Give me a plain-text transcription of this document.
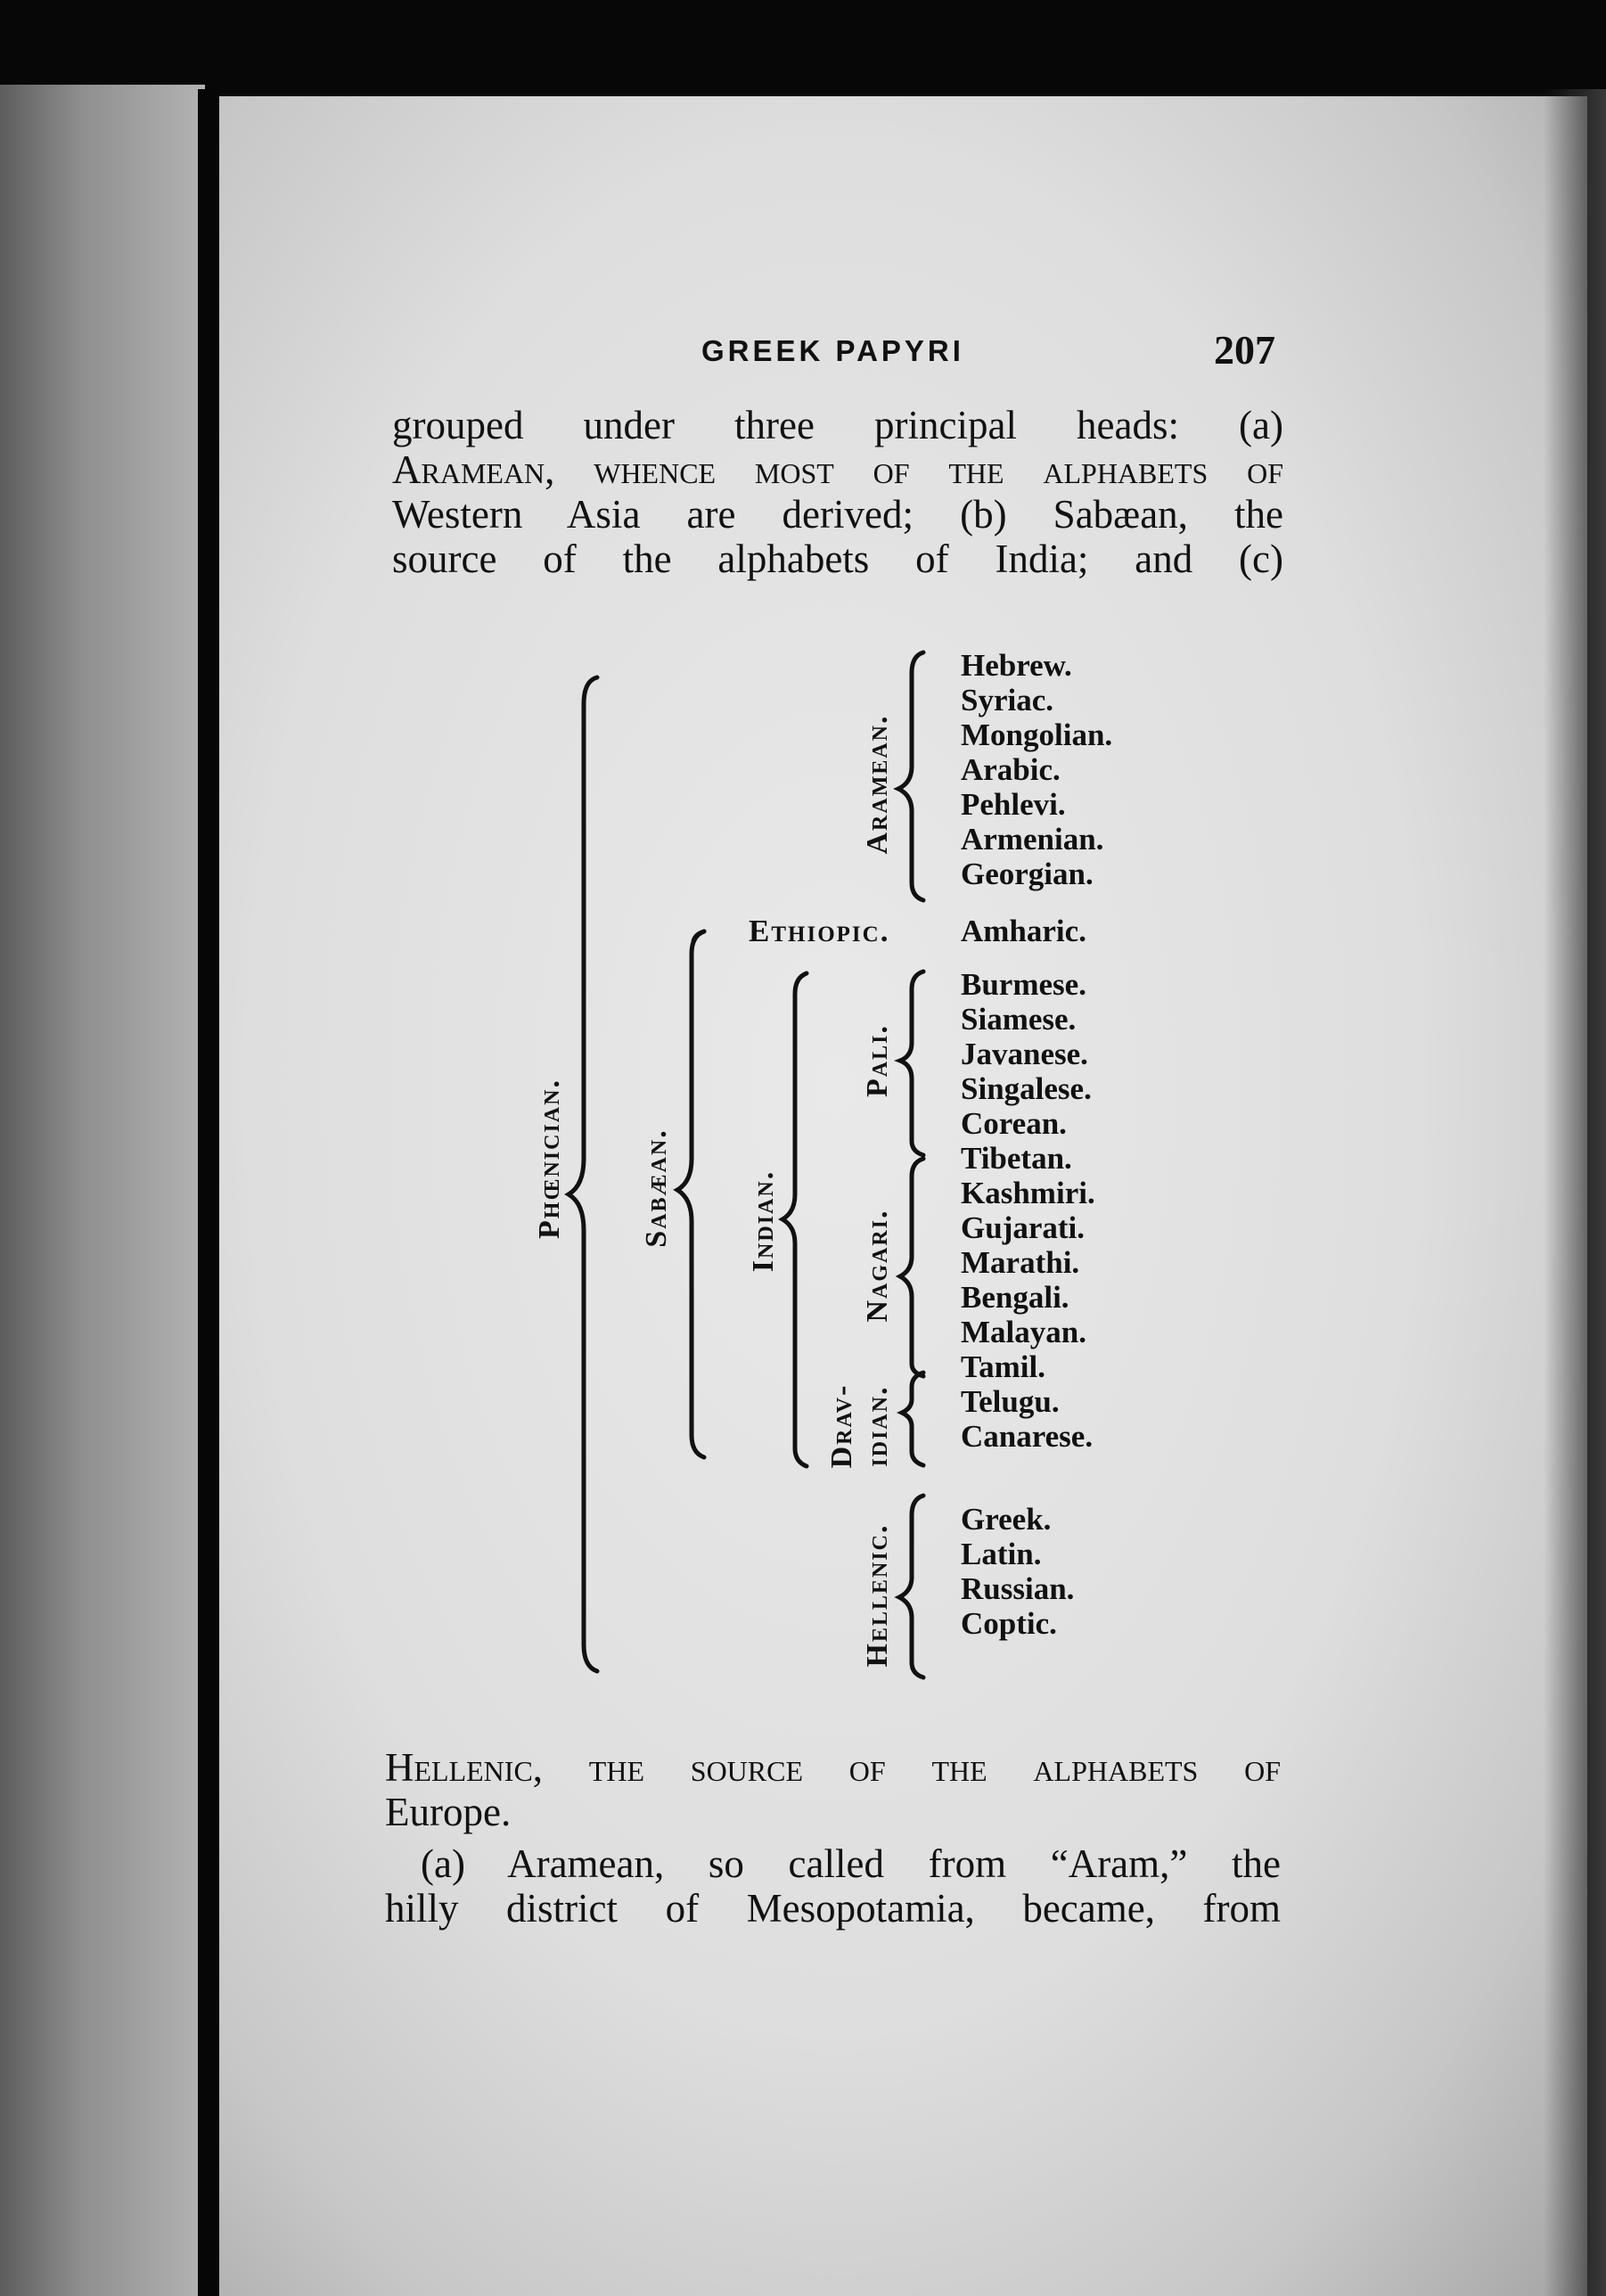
GREEK PAPYRI	207
grouped under three principal heads: (a)
Aramean, whence most of the alphabets of
Western Asia are derived; (b) Sabæan, the
source of the alphabets of India; and (c)
Phœnician. Sabæan. Indian.
Aramean.
Pali.
Nagari.
Drav- idian.
Hellenic.
Ethiopic.
Hebrew.
Syriac.
Mongolian.
Arabic.
Pehlevi.
Armenian.
Georgian.
Amharic.
Burmese.
Siamese.
Javanese.
Singalese.
Corean.
Tibetan.
Kashmiri.
Gujarati.
Marathi.
Bengali.
Malayan.
Tamil.
Telugu.
Canarese.
Greek.
Latin.
Russian.
Coptic.
Hellenic, the source of the alphabets of
Europe.
(a) Aramean, so called from “Aram,” the
hilly district of Mesopotamia, became, from
